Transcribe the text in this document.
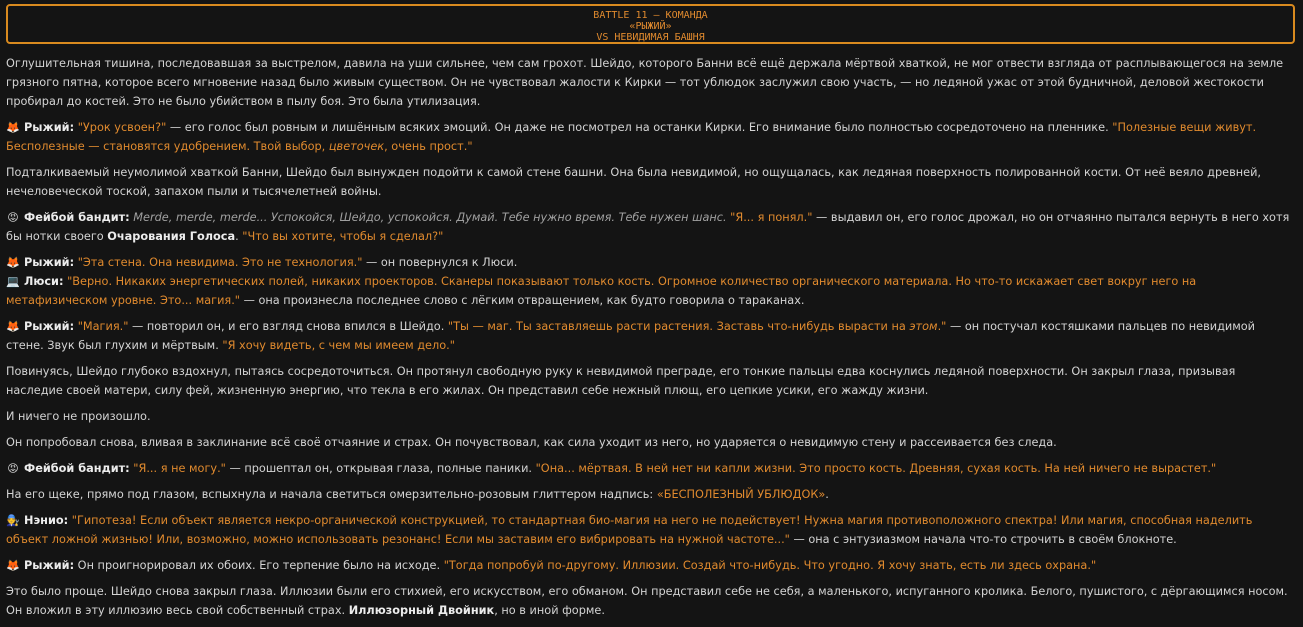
BATTLE 11 – КОМАНДА
«РЫЖИЙ»
VS НЕВИДИМАЯ БАШНЯ

Оглушительная тишина, последовавшая за выстрелом, давила на уши сильнее, чем сам грохот. Шейдо, которого Банни всё ещё держала мёртвой хваткой, не мог отвести взгляда от расплывающегося на земле грязного пятна, которое всего мгновение назад было живым существом. Он не чувствовал жалости к Кирки — тот ублюдок заслужил свою участь, — но ледяной ужас от этой будничной, деловой жестокости пробирал до костей. Это не было убийством в пылу боя. Это была утилизация.

🦊 Рыжий: "Урок усвоен?" — его голос был ровным и лишённым всяких эмоций. Он даже не посмотрел на останки Кирки. Его внимание было полностью сосредоточено на пленнике. "Полезные вещи живут. Бесполезные — становятся удобрением. Твой выбор, цветочек, очень прост."

Подталкиваемый неумолимой хваткой Банни, Шейдо был вынужден подойти к самой стене башни. Она была невидимой, но ощущалась, как ледяная поверхность полированной кости. От неё веяло древней, нечеловеческой тоской, запахом пыли и тысячелетней войны.

😡 Фейбой бандит: Merde, merde, merde... Успокойся, Шейдо, успокойся. Думай. Тебе нужно время. Тебе нужен шанс. "Я... я понял." — выдавил он, его голос дрожал, но он отчаянно пытался вернуть в него хотя бы нотки своего Очарования Голоса. "Что вы хотите, чтобы я сделал?"

🦊 Рыжий: "Эта стена. Она невидима. Это не технология." — он повернулся к Люси.

💻 Люси: "Верно. Никаких энергетических полей, никаких проекторов. Сканеры показывают только кость. Огромное количество органического материала. Но что-то искажает свет вокруг него на метафизическом уровне. Это... магия." — она произнесла последнее слово с лёгким отвращением, как будто говорила о тараканах.

🦊 Рыжий: "Магия." — повторил он, и его взгляд снова впился в Шейдо. "Ты — маг. Ты заставляешь расти растения. Заставь что-нибудь вырасти на этом." — он постучал костяшками пальцев по невидимой стене. Звук был глухим и мёртвым. "Я хочу видеть, с чем мы имеем дело."

Повинуясь, Шейдо глубоко вздохнул, пытаясь сосредоточиться. Он протянул свободную руку к невидимой преграде, его тонкие пальцы едва коснулись ледяной поверхности. Он закрыл глаза, призывая наследие своей матери, силу фей, жизненную энергию, что текла в его жилах. Он представил себе нежный плющ, его цепкие усики, его жажду жизни.

И ничего не произошло.

Он попробовал снова, вливая в заклинание всё своё отчаяние и страх. Он почувствовал, как сила уходит из него, но ударяется о невидимую стену и рассеивается без следа.

😡 Фейбой бандит: "Я... я не могу." — прошептал он, открывая глаза, полные паники. "Она... мёртвая. В ней нет ни капли жизни. Это просто кость. Древняя, сухая кость. На ней ничего не вырастет."

На его щеке, прямо под глазом, вспыхнула и начала светиться омерзительно-розовым глиттером надпись: «БЕСПОЛЕЗНЫЙ УБЛЮДОК».

🧑‍🔧 Нэнио: "Гипотеза! Если объект является некро-органической конструкцией, то стандартная био-магия на него не подействует! Нужна магия противоположного спектра! Или магия, способная наделить объект ложной жизнью! Или, возможно, можно использовать резонанс! Если мы заставим его вибрировать на нужной частоте..." — она с энтузиазмом начала что-то строчить в своём блокноте.

🦊 Рыжий: Он проигнорировал их обоих. Его терпение было на исходе. "Тогда попробуй по-другому. Иллюзии. Создай что-нибудь. Что угодно. Я хочу знать, есть ли здесь охрана."

Это было проще. Шейдо снова закрыл глаза. Иллюзии были его стихией, его искусством, его обманом. Он представил себе не себя, а маленького, испуганного кролика. Белого, пушистого, с дёргающимся носом. Он вложил в эту иллюзию весь свой собственный страх. Иллюзорный Двойник, но в иной форме.
